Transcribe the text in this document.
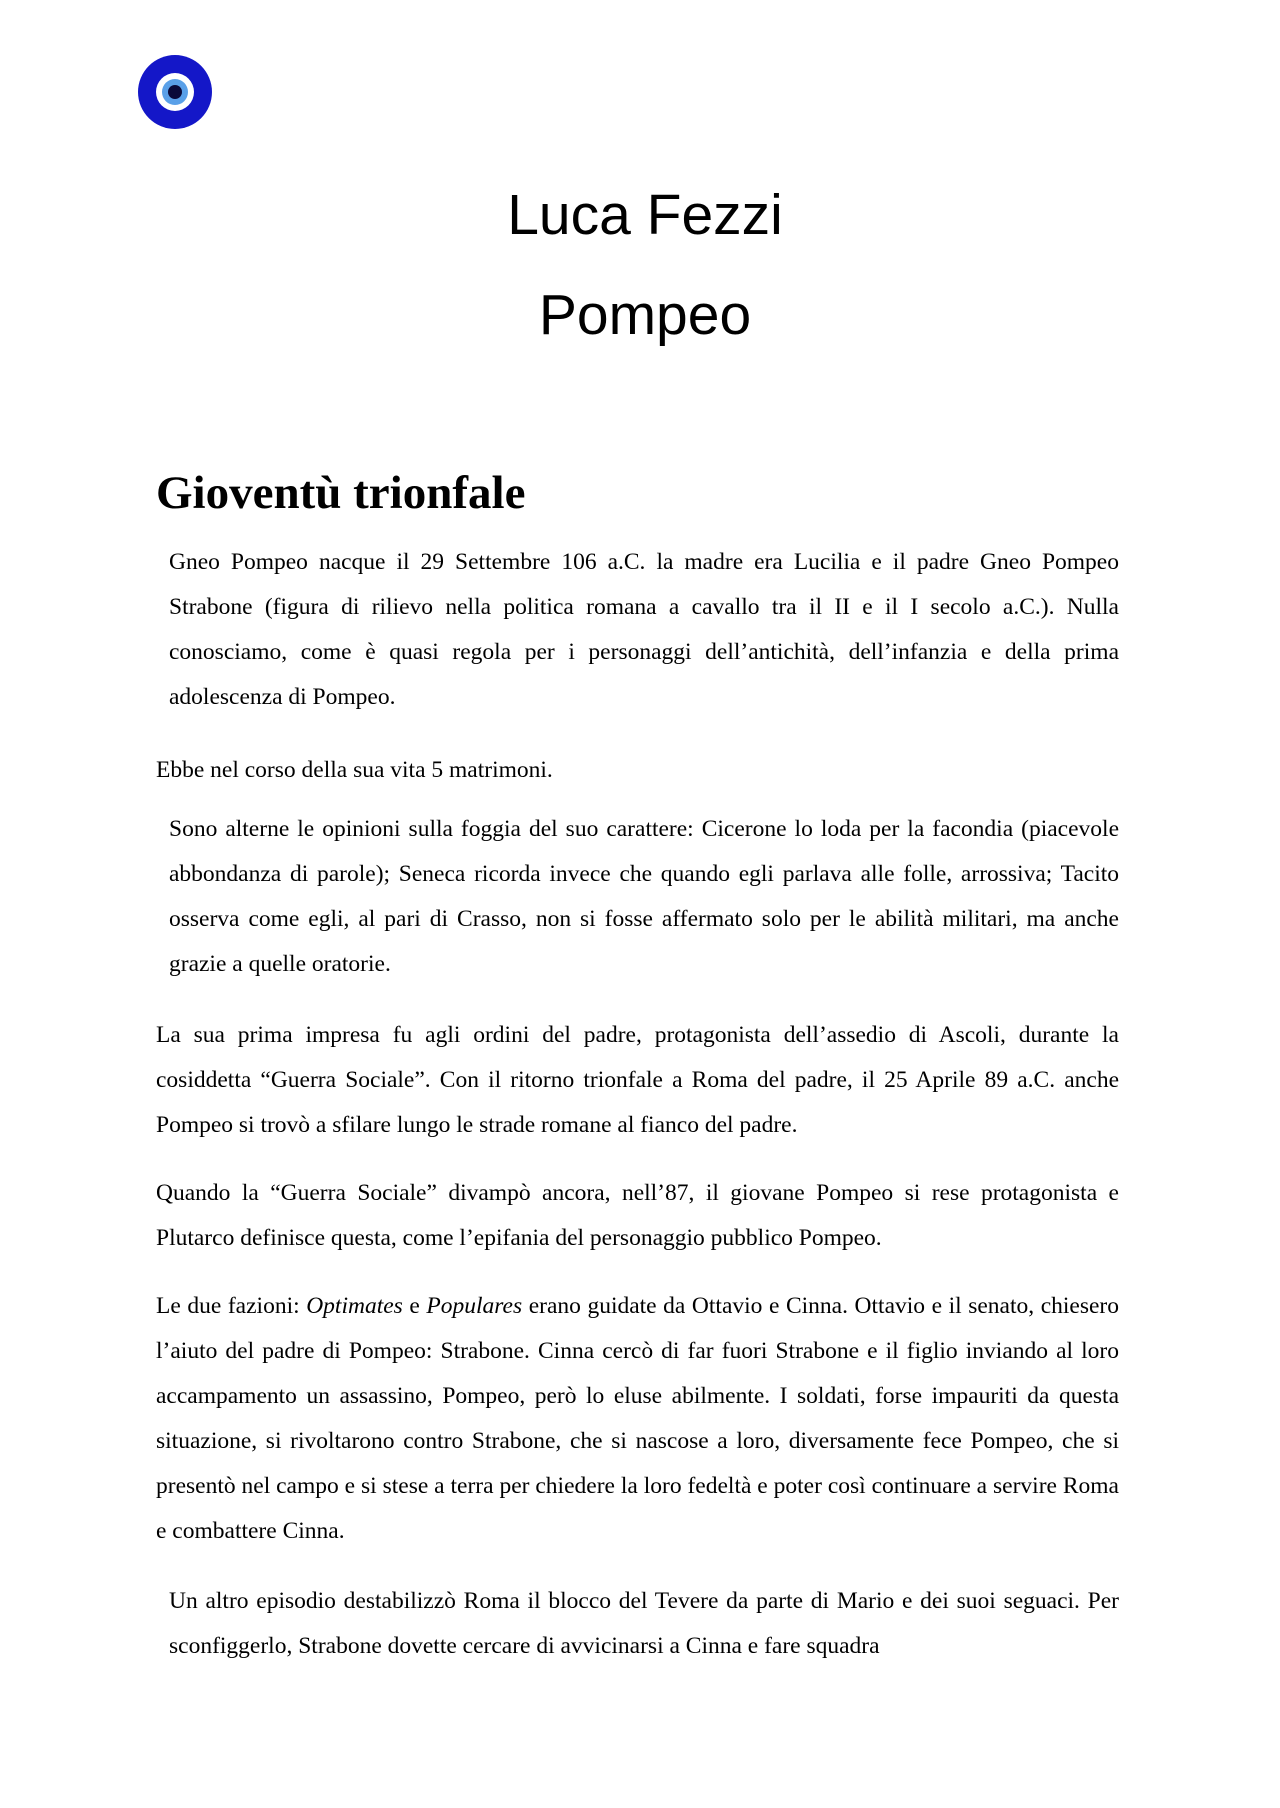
Luca Fezzi
Pompeo
Gioventù trionfale

Gneo Pompeo nacque il 29 Settembre 106 a.C. la madre era Lucilia e il padre Gneo Pompeo Strabone (figura di rilievo nella politica romana a cavallo tra il II e il I secolo a.C.). Nulla conosciamo, come è quasi regola per i personaggi dell’antichità, dell’infanzia e della prima adolescenza di Pompeo.

Ebbe nel corso della sua vita 5 matrimoni.

Sono alterne le opinioni sulla foggia del suo carattere: Cicerone lo loda per la facondia (piacevole abbondanza di parole); Seneca ricorda invece che quando egli parlava alle folle, arrossiva; Tacito osserva come egli, al pari di Crasso, non si fosse affermato solo per le abilità militari, ma anche grazie a quelle oratorie.

La sua prima impresa fu agli ordini del padre, protagonista dell’assedio di Ascoli, durante la cosiddetta “Guerra Sociale”. Con il ritorno trionfale a Roma del padre, il 25 Aprile 89 a.C. anche Pompeo si trovò a sfilare lungo le strade romane al fianco del padre.

Quando la “Guerra Sociale” divampò ancora, nell’87, il giovane Pompeo si rese protagonista e Plutarco definisce questa, come l’epifania del personaggio pubblico Pompeo.

Le due fazioni: Optimates e Populares erano guidate da Ottavio e Cinna. Ottavio e il senato, chiesero l’aiuto del padre di Pompeo: Strabone. Cinna cercò di far fuori Strabone e il figlio inviando al loro accampamento un assassino, Pompeo, però lo eluse abilmente. I soldati, forse impauriti da questa situazione, si rivoltarono contro Strabone, che si nascose a loro, diversamente fece Pompeo, che si presentò nel campo e si stese a terra per chiedere la loro fedeltà e poter così continuare a servire Roma e combattere Cinna.

Un altro episodio destabilizzò Roma il blocco del Tevere da parte di Mario e dei suoi seguaci. Per sconfiggerlo, Strabone dovette cercare di avvicinarsi a Cinna e fare squadra
